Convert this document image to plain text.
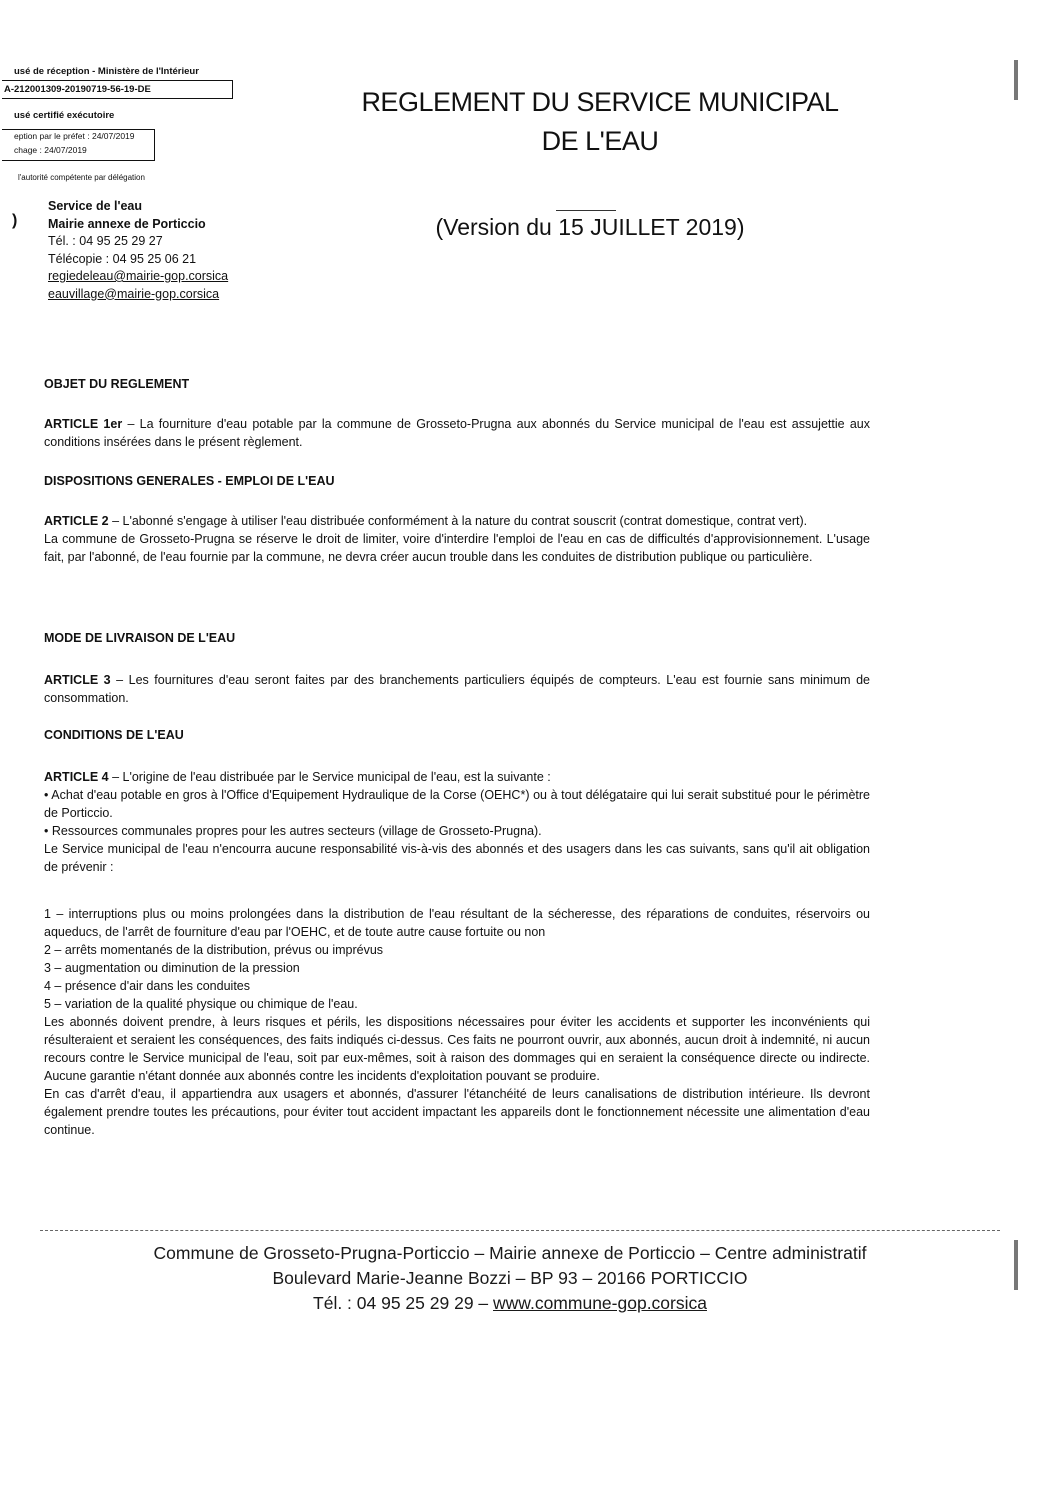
usé de réception - Ministère de l'Intérieur
A-212001309-20190719-56-19-DE
usé certifié exécutoire
eption par le préfet : 24/07/2019
chage : 24/07/2019
l'autorité compétente par délégation
REGLEMENT DU SERVICE MUNICIPAL
DE L'EAU
(Version du 15 JUILLET 2019)
)
Service de l'eau
Mairie annexe de Porticcio
Tél. : 04 95 25 29 27
Télécopie : 04 95 25 06 21
regiedeleau@mairie-gop.corsica
eauvillage@mairie-gop.corsica

OBJET DU REGLEMENT

ARTICLE 1er – La fourniture d'eau potable par la commune de Grosseto-Prugna aux abonnés du Service municipal de l'eau est assujettie aux conditions insérées dans le présent règlement.

DISPOSITIONS GENERALES - EMPLOI DE L'EAU

ARTICLE 2 – L'abonné s'engage à utiliser l'eau distribuée conformément à la nature du contrat souscrit (contrat domestique, contrat vert).

La commune de Grosseto-Prugna se réserve le droit de limiter, voire d'interdire l'emploi de l'eau en cas de difficultés d'approvisionnement. L'usage fait, par l'abonné, de l'eau fournie par la commune, ne devra créer aucun trouble dans les conduites de distribution publique ou particulière.

MODE DE LIVRAISON DE L'EAU

ARTICLE 3 – Les fournitures d'eau seront faites par des branchements particuliers équipés de compteurs. L'eau est fournie sans minimum de consommation.

CONDITIONS DE L'EAU

ARTICLE 4 – L'origine de l'eau distribuée par le Service municipal de l'eau, est la suivante :

• Achat d'eau potable en gros à l'Office d'Equipement Hydraulique de la Corse (OEHC*) ou à tout délégataire qui lui serait substitué pour le périmètre de Porticcio.

• Ressources communales propres pour les autres secteurs (village de Grosseto-Prugna).

Le Service municipal de l'eau n'encourra aucune responsabilité vis-à-vis des abonnés et des usagers dans les cas suivants, sans qu'il ait obligation de prévenir :

1 – interruptions plus ou moins prolongées dans la distribution de l'eau résultant de la sécheresse, des réparations de conduites, réservoirs ou aqueducs, de l'arrêt de fourniture d'eau par l'OEHC, et de toute autre cause fortuite ou non

2 – arrêts momentanés de la distribution, prévus ou imprévus

3 – augmentation ou diminution de la pression

4 – présence d'air dans les conduites

5 – variation de la qualité physique ou chimique de l'eau.

Les abonnés doivent prendre, à leurs risques et périls, les dispositions nécessaires pour éviter les accidents et supporter les inconvénients qui résulteraient et seraient les conséquences, des faits indiqués ci-dessus. Ces faits ne pourront ouvrir, aux abonnés, aucun droit à indemnité, ni aucun recours contre le Service municipal de l'eau, soit par eux-mêmes, soit à raison des dommages qui en seraient la conséquence directe ou indirecte. Aucune garantie n'étant donnée aux abonnés contre les incidents d'exploitation pouvant se produire.

En cas d'arrêt d'eau, il appartiendra aux usagers et abonnés, d'assurer l'étanchéité de leurs canalisations de distribution intérieure. Ils devront également prendre toutes les précautions, pour éviter tout accident impactant les appareils dont le fonctionnement nécessite une alimentation d'eau continue.

Commune de Grosseto-Prugna-Porticcio – Mairie annexe de Porticcio – Centre administratif
Boulevard Marie-Jeanne Bozzi – BP 93 – 20166 PORTICCIO
Tél. : 04 95 25 29 29 – www.commune-gop.corsica
